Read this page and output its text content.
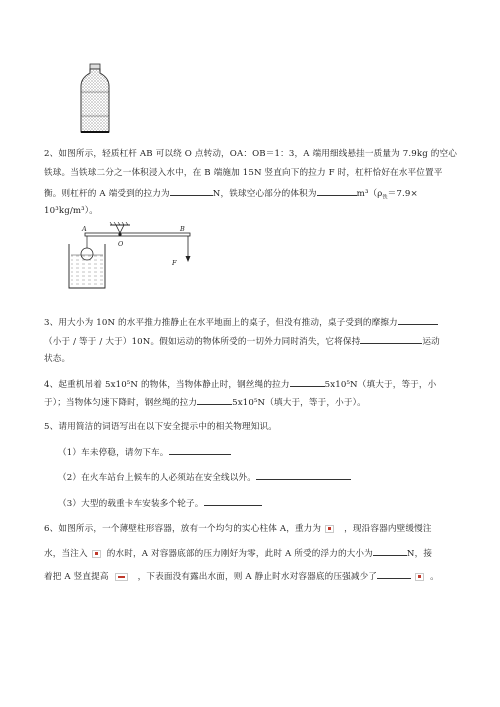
2、如图所示，轻质杠杆 AB 可以绕 O 点转动，OA：OB＝1：3，A 端用细线悬挂一质量为 7.9kg 的空心
铁球。当铁球二分之一体积浸入水中，在 B 端施加 15N 竖直向下的拉力 F 时，杠杆恰好在水平位置平
衡。则杠杆的 A 端受到的拉力为	N，铁球空心部分的体积为	$m^3(\rho_铁=7.9\times$
10³kg/m³）。
A
O
B
F
3、用大小为 10N 的水平推力推静止在水平地面上的桌子，但没有推动，桌子受到的摩擦力
（小于 / 等于 / 大于）10N。假如运动的物体所受的一切外力同时消失，它将保持	运动
状态。
4、起重机吊着 5x10⁵N 的物体，当物体静止时，钢丝绳的拉力	5x10⁵N（填大于，等于，小
于）；当物体匀速下降时，钢丝绳的拉力	5x10⁵N（填大于，等于，小于）。
5、请用简洁的词语写出在以下安全提示中的相关物理知识。
（1）车未停稳，请勿下车。
（2）在火车站台上候车的人必须站在安全线以外。
（3）大型的载重卡车安装多个轮子。
6、如图所示，一个薄壁柱形容器，放有一个均匀的实心柱体 A，重力为	，现沿容器内壁缓慢注
水，当注入 的水时，A 对容器底部的压力刚好为零，此时 A 所受的浮力的大小为	N，接
着把 A 竖直提高	，下表面没有露出水面，则 A 静止时水对容器底的压强减少了	。
